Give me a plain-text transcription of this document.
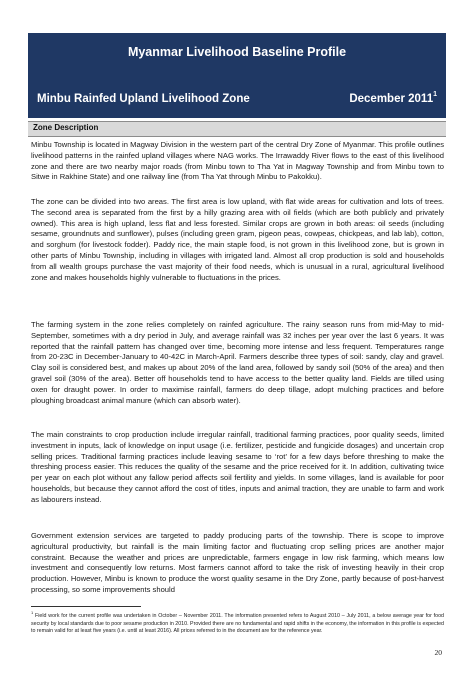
Myanmar Livelihood Baseline Profile
Minbu Rainfed Upland Livelihood Zone	December 2011$^1$
Zone Description

Minbu Township is located in Magway Division in the western part of the central Dry Zone of Myanmar. This profile outlines livelihood patterns in the rainfed upland villages where NAG works. The Irrawaddy River flows to the east of this livelihood zone and there are two nearby major roads (from Minbu town to Tha Yat in Magway Township and from Minbu town to Sitwe in Rakhine State) and one railway line (from Tha Yat through Minbu to Pakokku).

The zone can be divided into two areas. The first area is low upland, with flat wide areas for cultivation and lots of trees. The second area is separated from the first by a hilly grazing area with oil fields (which are both publicly and privately owned). This area is high upland, less flat and less forested. Similar crops are grown in both areas: oil seeds (including sesame, groundnuts and sunflower), pulses (including green gram, pigeon peas, cowpeas, chickpeas, and lab lab), cotton, and sorghum (for livestock fodder). Paddy rice, the main staple food, is not grown in this livelihood zone, but is grown in other parts of Minbu Township, including in villages with irrigated land. Almost all crop production is sold and households from all wealth groups purchase the vast majority of their food needs, which is unusual in a rural, agricultural livelihood zone and makes households highly vulnerable to fluctuations in the prices.

The farming system in the zone relies completely on rainfed agriculture. The rainy season runs from mid-May to mid-September, sometimes with a dry period in July, and average rainfall was 32 inches per year over the last 6 years. It was reported that the rainfall pattern has changed over time, becoming more intense and less frequent. Temperatures range from 20-23C in December-January to 40-42C in March-April. Farmers describe three types of soil: sandy, clay and gravel. Clay soil is considered best, and makes up about 20% of the land area, followed by sandy soil (50% of the area) and then gravel soil (30% of the area). Better off households tend to have access to the better quality land. Fields are tilled using oxen for draught power. In order to maximise rainfall, farmers do deep tillage, adopt mulching practices and before ploughing broadcast animal manure (which can absorb water).

The main constraints to crop production include irregular rainfall, traditional farming practices, poor quality seeds, limited investment in inputs, lack of knowledge on input usage (i.e. fertilizer, pesticide and fungicide dosages) and uncertain crop selling prices. Traditional farming practices include leaving sesame to ‘rot’ for a few days before threshing to make the threshing process easier. This reduces the quality of the sesame and the price received for it. In addition, cultivating twice per year on each plot without any fallow period affects soil fertility and yields. In some villages, land is available for poor households, but because they cannot afford the cost of titles, inputs and animal traction, they are unable to farm and work as labourers instead.

Government extension services are targeted to paddy producing parts of the township. There is scope to improve agricultural productivity, but rainfall is the main limiting factor and fluctuating crop selling prices are another major constraint. Because the weather and prices are unpredictable, farmers engage in low risk farming, which means low investment and consequently low returns. Most farmers cannot afford to take the risk of investing heavily in their crop production. However, Minbu is known to produce the worst quality sesame in the Dry Zone, partly because of post-harvest processing, so some improvements should

$^1$ Field work for the current profile was undertaken in October – November 2011. The information presented refers to August 2010 – July 2011, a below average year for food security by local standards due to poor sesame production in 2010. Provided there are no fundamental and rapid shifts in the economy, the information in this profile is expected to remain valid for at least five years (i.e. until at least 2016). All prices referred to in the document are for the reference year.

20
